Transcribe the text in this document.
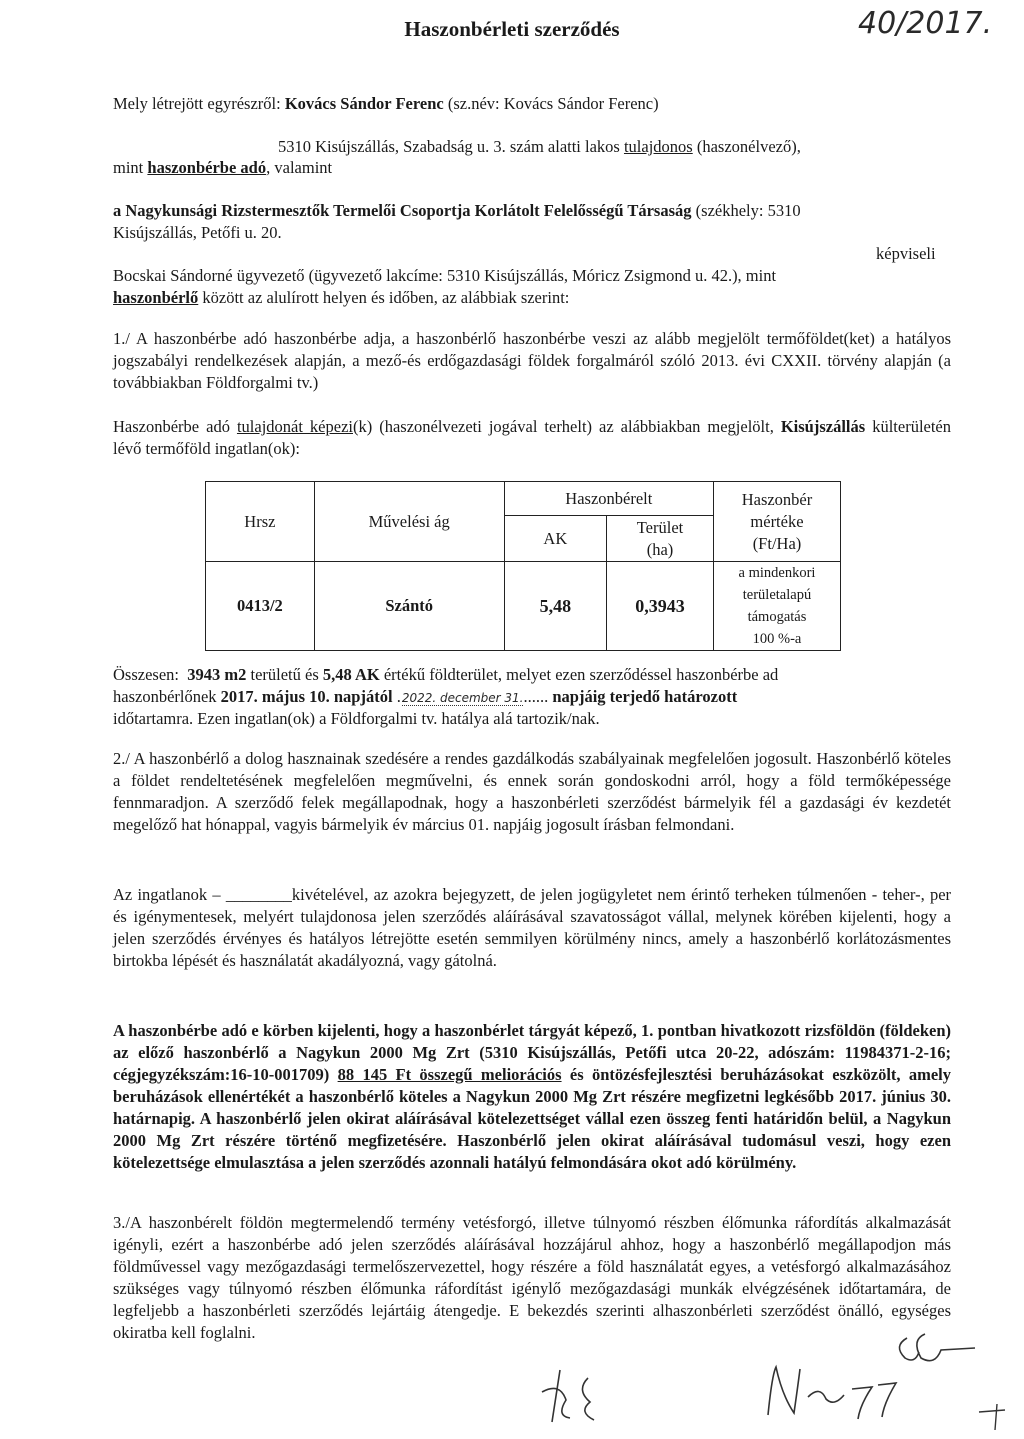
40/2017.
Haszonbérleti szerződés
Mely létrejött egyrészről: Kovács Sándor Ferenc (sz.név: Kovács Sándor Ferenc)
5310 Kisújszállás, Szabadság u. 3. szám alatti lakos tulajdonos (haszonélvező),
mint haszonbérbe adó, valamint
a Nagykunsági Rizstermesztők Termelői Csoportja Korlátolt Felelősségű Társaság (székhely: 5310
Kisújszállás, Petőfi u. 20.
képviseli
Bocskai Sándorné ügyvezető (ügyvezető lakcíme: 5310 Kisújszállás, Móricz Zsigmond u. 42.), mint
haszonbérlő között az alulírott helyen és időben, az alábbiak szerint:
1./ A haszonbérbe adó haszonbérbe adja, a haszonbérlő haszonbérbe veszi az alább megjelölt termőföldet(ket) a hatályos jogszabályi rendelkezések alapján, a mező-és erdőgazdasági földek forgalmáról szóló 2013. évi CXXII. törvény alapján (a továbbiakban Földforgalmi tv.)
Haszonbérbe adó tulajdonát képezi(k) (haszonélvezeti jogával terhelt) az alábbiakban megjelölt, Kisújszállás külterületén lévő termőföld ingatlan(ok):
Hrsz	Művelési ág	Haszonbérelt		Haszonbér
mértéke
(Ft/Ha)
		AK	Terület
(ha)	
0413/2	Szántó	5,48	0,3943	a mindenkori
területalapú
támogatás
100 %-a
Összesen: 3943 m2 területű és 5,48 AK értékű földterület, melyet ezen szerződéssel haszonbérbe ad
haszonbérlőnek 2017. május 10. napjától .2022. december 31....... napjáig terjedő határozott
időtartamra. Ezen ingatlan(ok) a Földforgalmi tv. hatálya alá tartozik/nak.
2./ A haszonbérlő a dolog hasznainak szedésére a rendes gazdálkodás szabályainak megfelelően jogosult. Haszonbérlő köteles a földet rendeltetésének megfelelően megművelni, és ennek során gondoskodni arról, hogy a föld termőképessége fennmaradjon. A szerződő felek megállapodnak, hogy a haszonbérleti szerződést bármelyik fél a gazdasági év kezdetét megelőző hat hónappal, vagyis bármelyik év március 01. napjáig jogosult írásban felmondani.
Az ingatlanok – ________kivételével, az azokra bejegyzett, de jelen jogügyletet nem érintő terheken túlmenően - teher-, per és igénymentesek, melyért tulajdonosa jelen szerződés aláírásával szavatosságot vállal, melynek körében kijelenti, hogy a jelen szerződés érvényes és hatályos létrejötte esetén semmilyen körülmény nincs, amely a haszonbérlő korlátozásmentes birtokba lépését és használatát akadályozná, vagy gátolná.
A haszonbérbe adó e körben kijelenti, hogy a haszonbérlet tárgyát képező, 1. pontban hivatkozott rizsföldön (földeken) az előző haszonbérlő a Nagykun 2000 Mg Zrt (5310 Kisújszállás, Petőfi utca 20-22, adószám: 11984371-2-16; cégjegyzékszám:16-10-001709) 88 145 Ft összegű meliorációs és öntözésfejlesztési beruházásokat eszközölt, amely beruházások ellenértékét a haszonbérlő köteles a Nagykun 2000 Mg Zrt részére megfizetni legkésőbb 2017. június 30. határnapig. A haszonbérlő jelen okirat aláírásával kötelezettséget vállal ezen összeg fenti határidőn belül, a Nagykun 2000 Mg Zrt részére történő megfizetésére. Haszonbérlő jelen okirat aláírásával tudomásul veszi, hogy ezen kötelezettsége elmulasztása a jelen szerződés azonnali hatályú felmondására okot adó körülmény.
3./A haszonbérelt földön megtermelendő termény vetésforgó, illetve túlnyomó részben élőmunka ráfordítás alkalmazását igényli, ezért a haszonbérbe adó jelen szerződés aláírásával hozzájárul ahhoz, hogy a haszonbérlő megállapodjon más földművessel vagy mezőgazdasági termelőszervezettel, hogy részére a föld használatát egyes, a vetésforgó alkalmazásához szükséges vagy túlnyomó részben élőmunka ráfordítást igénylő mezőgazdasági munkák elvégzésének időtartamára, de legfeljebb a haszonbérleti szerződés lejártáig átengedje. E bekezdés szerinti alhaszonbérleti szerződést önálló, egységes okiratba kell foglalni.
